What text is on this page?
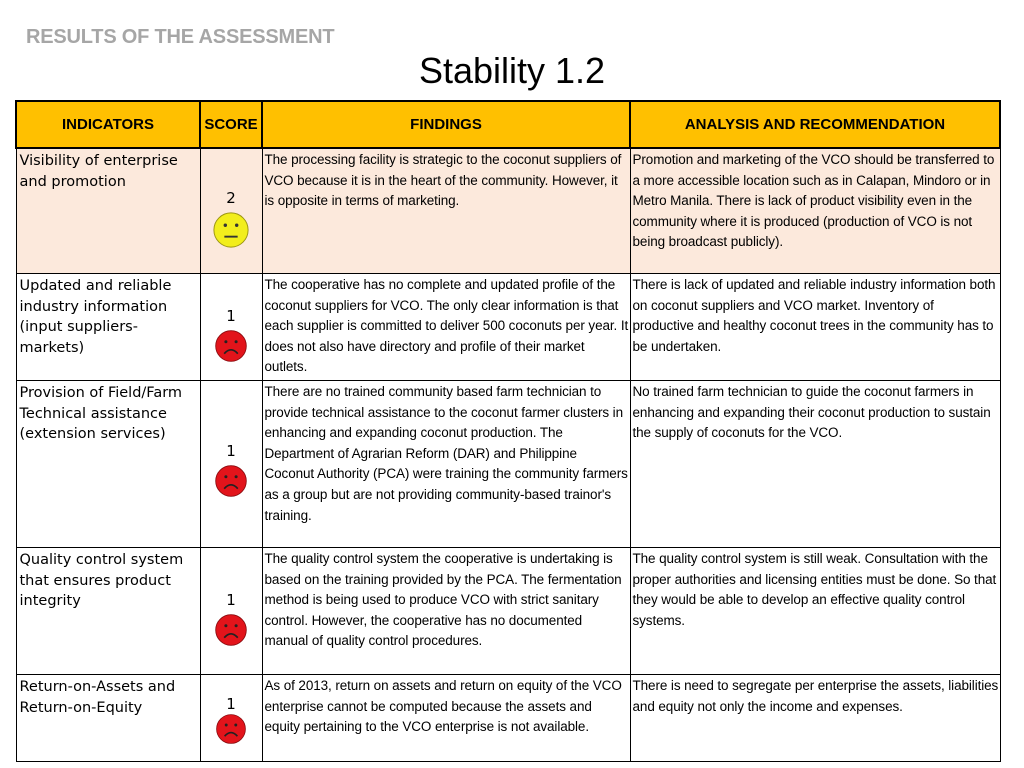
RESULTS OF THE ASSESSMENT
Stability 1.2
INDICATORS	SCORE	FINDINGS	ANALYSIS AND RECOMMENDATION
Visibility of enterprise and promotion	2	The processing facility is strategic to the coconut suppliers of VCO because it is in the heart of the community. However, it is opposite in terms of marketing.	Promotion and marketing of the VCO should be transferred to a more accessible location such as in Calapan, Mindoro or in Metro Manila. There is lack of product visibility even in the community where it is produced (production of VCO is not being broadcast publicly).
Updated and reliable industry information (input suppliers-markets)	1	The cooperative has no complete and updated profile of the coconut suppliers for VCO. The only clear information is that each supplier is committed to deliver 500 coconuts per year. It does not also have directory and profile of their market outlets.	There is lack of updated and reliable industry information both on coconut suppliers and VCO market. Inventory of productive and healthy coconut trees in the community has to be undertaken.
Provision of Field/Farm Technical assistance (extension services)	1	There are no trained community based farm technician to provide technical assistance to the coconut farmer clusters in enhancing and expanding coconut production. The Department of Agrarian Reform (DAR) and Philippine Coconut Authority (PCA) were training the community farmers as a group but are not providing community-based trainor's training.	No trained farm technician to guide the coconut farmers in enhancing and expanding their coconut production to sustain the supply of coconuts for the VCO.
Quality control system that ensures product integrity	1	The quality control system the cooperative is undertaking is based on the training provided by the PCA. The fermentation method is being used to produce VCO with strict sanitary control. However, the cooperative has no documented manual of quality control procedures.	The quality control system is still weak. Consultation with the proper authorities and licensing entities must be done. So that they would be able to develop an effective quality control systems.
Return-on-Assets and Return-on-Equity	1	As of 2013, return on assets and return on equity of the VCO enterprise cannot be computed because the assets and equity pertaining to the VCO enterprise is not available.	There is need to segregate per enterprise the assets, liabilities and equity not only the income and expenses.
